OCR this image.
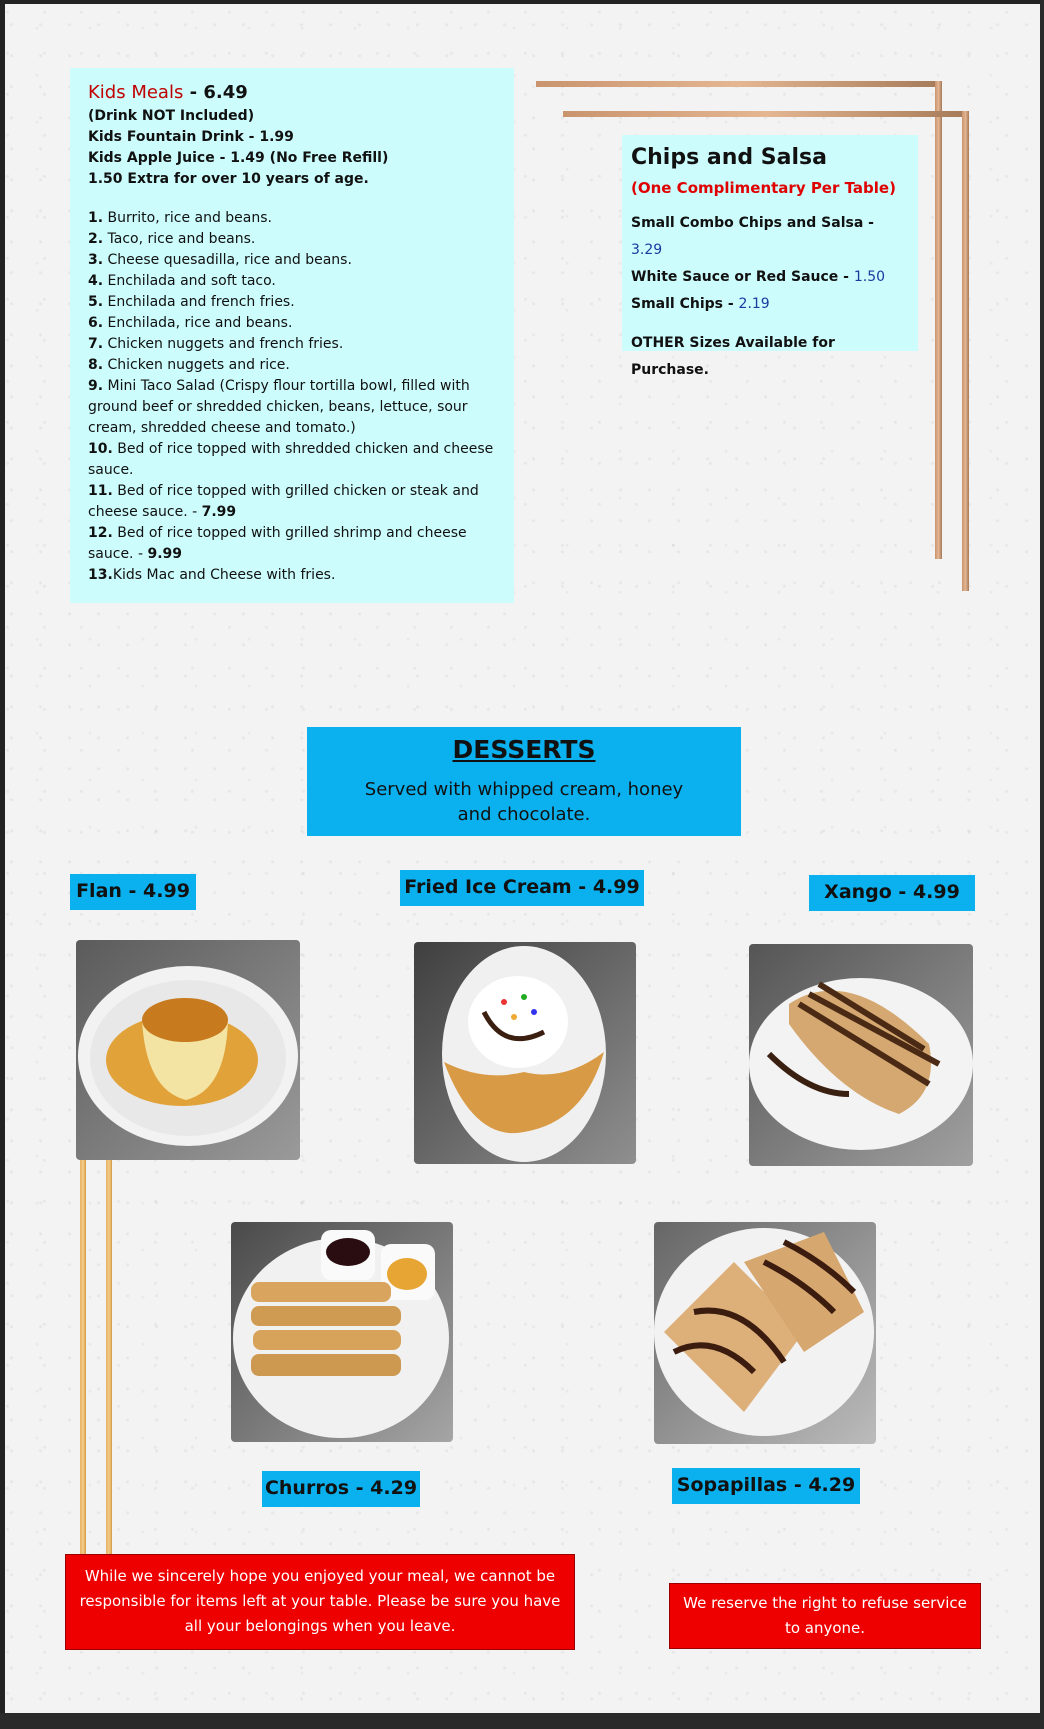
Kids Meals - 6.49
(Drink NOT Included)
Kids Fountain Drink - 1.99
Kids Apple Juice - 1.49 (No Free Refill)
1.50 Extra for over 10 years of age.
1. Burrito, rice and beans.
2. Taco, rice and beans.
3. Cheese quesadilla, rice and beans.
4. Enchilada and soft taco.
5. Enchilada and french fries.
6. Enchilada, rice and beans.
7. Chicken nuggets and french fries.
8. Chicken nuggets and rice.
9. Mini Taco Salad (Crispy flour tortilla bowl, filled with ground beef or shredded chicken, beans, lettuce, sour cream, shredded cheese and tomato.)
10. Bed of rice topped with shredded chicken and cheese sauce.
11. Bed of rice topped with grilled chicken or steak and cheese sauce. - 7.99
12. Bed of rice topped with grilled shrimp and cheese sauce. - 9.99
13.Kids Mac and Cheese with fries.
Chips and Salsa
(One Complimentary Per Table)
Small Combo Chips and Salsa - 3.29
White Sauce or Red Sauce - 1.50
Small Chips - 2.19
OTHER Sizes Available for Purchase.
DESSERTS
Served with whipped cream, honey and chocolate.
Flan - 4.99	Fried Ice Cream - 4.99	Xango - 4.99
Churros - 4.29	Sopapillas - 4.29
While we sincerely hope you enjoyed your meal, we cannot be responsible for items left at your table. Please be sure you have all your belongings when you leave.
We reserve the right to refuse service to anyone.
